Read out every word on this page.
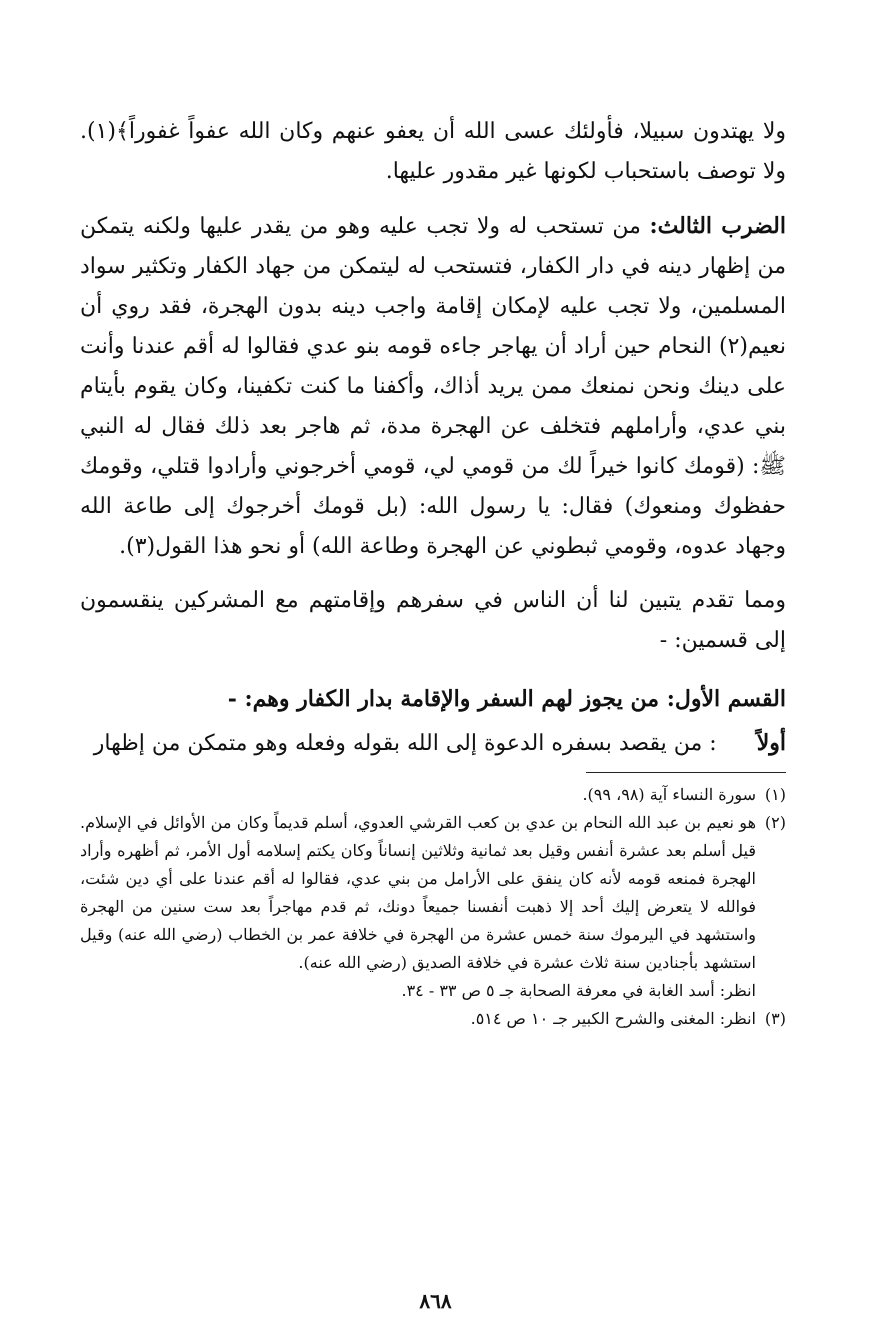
ولا يهتدون سبيلا، فأولئك عسى الله أن يعفو عنهم وكان الله عفواً غفوراً﴾(١). ولا توصف باستحباب لكونها غير مقدور عليها.

الضرب الثالث: من تستحب له ولا تجب عليه وهو من يقدر عليها ولكنه يتمكن من إظهار دينه في دار الكفار، فتستحب له ليتمكن من جهاد الكفار وتكثير سواد المسلمين، ولا تجب عليه لإمكان إقامة واجب دينه بدون الهجرة، فقد روي أن نعيم(٢) النحام حين أراد أن يهاجر جاءه قومه بنو عدي فقالوا له أقم عندنا وأنت على دينك ونحن نمنعك ممن يريد أذاك، وأكفنا ما كنت تكفينا، وكان يقوم بأيتام بني عدي، وأراملهم فتخلف عن الهجرة مدة، ثم هاجر بعد ذلك فقال له النبي ﷺ: (قومك كانوا خيراً لك من قومي لي، قومي أخرجوني وأرادوا قتلي، وقومك حفظوك ومنعوك) فقال: يا رسول الله: (بل قومك أخرجوك إلى طاعة الله وجهاد عدوه، وقومي ثبطوني عن الهجرة وطاعة الله) أو نحو هذا القول(٣).

ومما تقدم يتبين لنا أن الناس في سفرهم وإقامتهم مع المشركين ينقسمون إلى قسمين: -

القسم الأول: من يجوز لهم السفر والإقامة بدار الكفار وهم: -

أولاً: من يقصد بسفره الدعوة إلى الله بقوله وفعله وهو متمكن من إظهار

(١)
سورة النساء آية (٩٨، ٩٩).
(٢)
هو نعيم بن عبد الله النحام بن عدي بن كعب القرشي العدوي، أسلم قديماً وكان من الأوائل في الإسلام. قيل أسلم بعد عشرة أنفس وقيل بعد ثمانية وثلاثين إنساناً وكان يكتم إسلامه أول الأمر، ثم أظهره وأراد الهجرة فمنعه قومه لأنه كان ينفق على الأرامل من بني عدي، فقالوا له أقم عندنا على أي دين شئت، فوالله لا يتعرض إليك أحد إلا ذهبت أنفسنا جميعاً دونك، ثم قدم مهاجراً بعد ست سنين من الهجرة واستشهد في اليرموك سنة خمس عشرة من الهجرة في خلافة عمر بن الخطاب (رضي الله عنه) وقيل استشهد بأجنادين سنة ثلاث عشرة في خلافة الصديق (رضي الله عنه).
انظر: أسد الغابة في معرفة الصحابة جـ ٥ ص ٣٣ - ٣٤.
(٣)
انظر: المغنى والشرح الكبير جـ ١٠ ص ٥١٤.
٨٦٨
